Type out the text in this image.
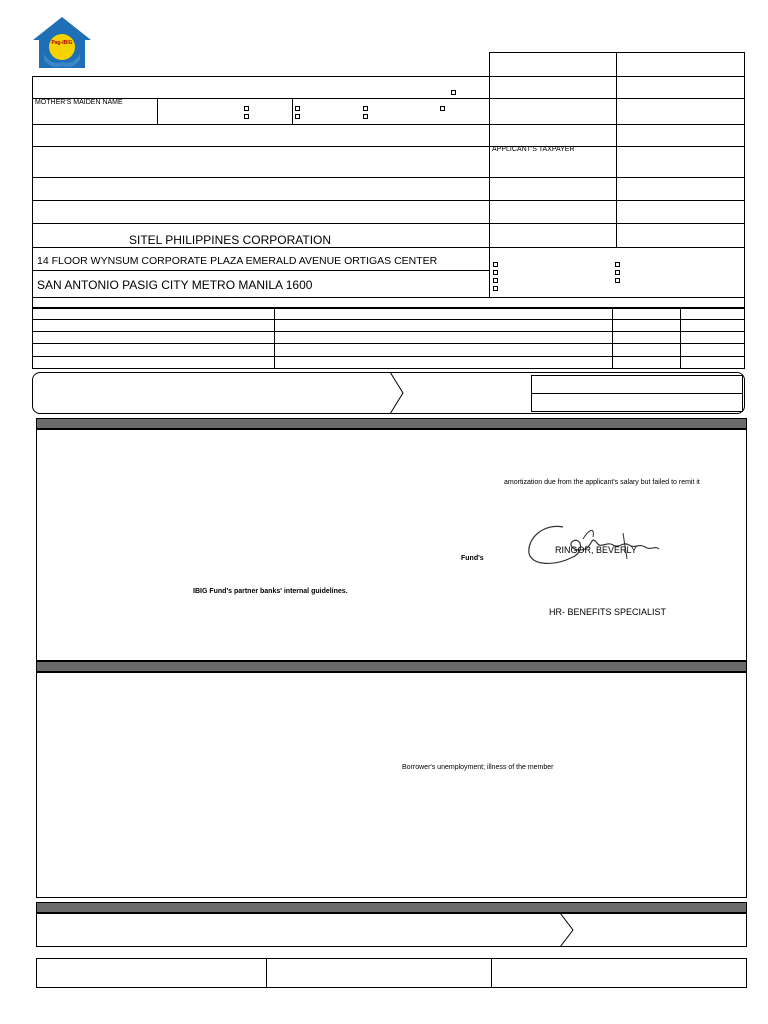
Pag-IBIG
MOTHER'S MAIDEN NAME
APPLICANT'S TAXPAYER
SITEL PHILIPPINES CORPORATION
14 FLOOR WYNSUM CORPORATE PLAZA EMERALD AVENUE ORTIGAS CENTER
SAN ANTONIO PASIG CITY METRO MANILA 1600
amortization due from the applicant's salary but failed to remit it
Fund's
RINGOR, BEVERLY
IBIG Fund's partner banks' internal guidelines.
HR- BENEFITS SPECIALIST
Borrower's unemployment; illness of the member
